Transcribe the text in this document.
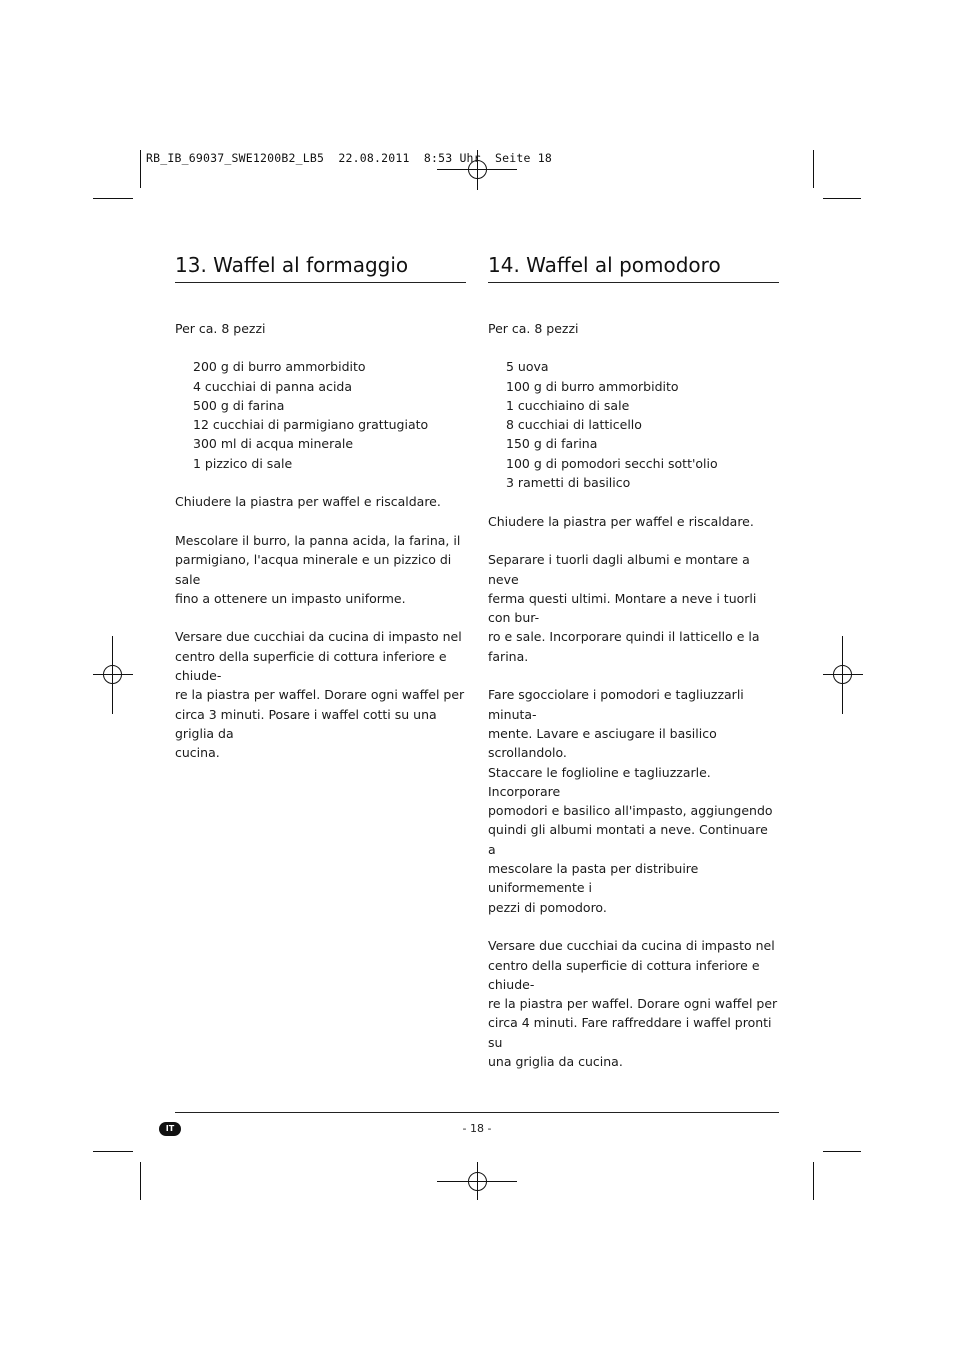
RB_IB_69037_SWE1200B2_LB5  22.08.2011  8:53 Uhr  Seite 18
13. Waffel al formaggio

Per ca. 8 pezzi

200 g di burro ammorbidito
4 cucchiai di panna acida
500 g di farina
12 cucchiai di parmigiano grattugiato
300 ml di acqua minerale
1 pizzico di sale

Chiudere la piastra per waffel e riscaldare.

Mescolare il burro, la panna acida, la farina, il
parmigiano, l'acqua minerale e un pizzico di sale
fino a ottenere un impasto uniforme.

Versare due cucchiai da cucina di impasto nel
centro della superficie di cottura inferiore e chiude-
re la piastra per waffel. Dorare ogni waffel per
circa 3 minuti. Posare i waffel cotti su una griglia da
cucina.

14. Waffel al pomodoro

Per ca. 8 pezzi

5 uova
100 g di burro ammorbidito
1 cucchiaino di sale
8 cucchiai di latticello
150 g di farina
100 g di pomodori secchi sott'olio
3 rametti di basilico

Chiudere la piastra per waffel e riscaldare.

Separare i tuorli dagli albumi e montare a neve
ferma questi ultimi. Montare a neve i tuorli con bur-
ro e sale. Incorporare quindi il latticello e la farina.

Fare sgocciolare i pomodori e tagliuzzarli minuta-
mente. Lavare e asciugare il basilico scrollandolo.
Staccare le foglioline e tagliuzzarle. Incorporare
pomodori e basilico all'impasto, aggiungendo
quindi gli albumi montati a neve. Continuare a
mescolare la pasta per distribuire uniformemente i
pezzi di pomodoro.

Versare due cucchiai da cucina di impasto nel
centro della superficie di cottura inferiore e chiude-
re la piastra per waffel. Dorare ogni waffel per
circa 4 minuti. Fare raffreddare i waffel pronti su
una griglia da cucina.

IT	- 18 -
